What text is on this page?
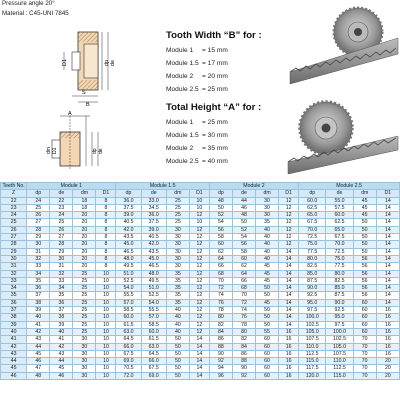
Pressure angle 20°
Material : C45-UNI 7845
D1	dp de
S
B
A
dm D1	dp de
Tooth Width “B” for :
Module 1 = 15 mm
Module 1.5 = 17 mm
Module 2 = 20 mm
Module 2.5 = 25 mm
Total Height “A” for :
Module 1 = 25 mm
Module 1.5 = 30 mm
Module 2 = 35 mm
Module 2.5 = 40 mm
Teeth No.	Module 1				Module 1.5				Module 2				Module 2.5			
Z	dp	de	dm	D1	dp	de	dm	D1	dp	de	dm	D1	dp	de	dm	D1
22	24	22	18	8	36.0	33.0	25	10	48	44	30	12	60.0	55.0	45	14
23	25	23	18	8	37.5	34.5	25	10	50	46	30	12	62.5	57.5	45	14
24	26	24	20	8	39.0	36.0	25	12	52	48	30	12	65.0	60.0	45	14
25	27	25	20	8	40.5	37.5	25	10	54	50	35	12	67.5	62.5	50	14
26	28	26	20	8	42.0	39.0	30	12	56	52	40	12	70.0	65.0	50	14
27	29	27	20	8	43.5	40.5	30	12	58	54	40	12	72.5	67.5	50	14
28	30	28	20	8	45.0	42.0	30	12	60	56	40	12	75.0	70.0	50	14
29	31	29	20	8	46.5	43.5	30	12	62	58	40	14	77.5	72.5	50	14
30	32	30	20	8	48.0	45.0	30	12	64	60	40	14	80.0	75.0	56	14
31	33	31	20	8	49.5	46.5	30	12	66	62	45	14	82.5	77.5	56	14
32	34	32	25	10	51.0	48.0	35	12	68	64	45	14	85.0	80.0	56	14
33	35	33	25	10	52.5	49.5	35	12	70	66	45	14	87.5	82.5	56	14
34	36	34	25	10	54.0	51.0	35	12	72	68	50	14	90.0	85.0	56	14
35	37	35	25	10	55.5	52.5	35	12	74	70	50	14	92.5	87.5	56	14
36	38	36	25	10	57.0	54.0	35	12	76	72	45	14	95.0	90.0	60	14
37	39	37	25	10	58.5	55.5	40	12	78	74	50	14	97.5	92.5	60	16
38	40	38	25	10	60.0	57.0	40	12	80	76	50	14	100.0	95.0	60	16
39	41	39	25	10	61.5	58.5	40	12	82	78	50	14	102.5	97.5	60	16
40	42	40	25	10	63.0	60.0	40	12	84	80	55	16	105.0	100.0	60	16
41	43	41	30	10	64.5	61.5	50	14	86	82	60	16	107.5	102.5	70	16
42	44	42	30	10	66.0	63.0	50	14	88	84	60	16	110.0	105.0	70	16
43	45	43	30	10	67.5	64.5	50	14	90	86	60	16	112.5	107.5	70	16
44	46	44	30	10	69.0	66.0	50	14	92	88	60	16	115.0	110.0	70	20
45	47	45	30	10	70.5	67.5	50	14	94	90	60	16	117.5	112.5	70	20
46	48	46	30	10	72.0	69.0	50	14	96	92	60	16	120.0	115.0	70	20
